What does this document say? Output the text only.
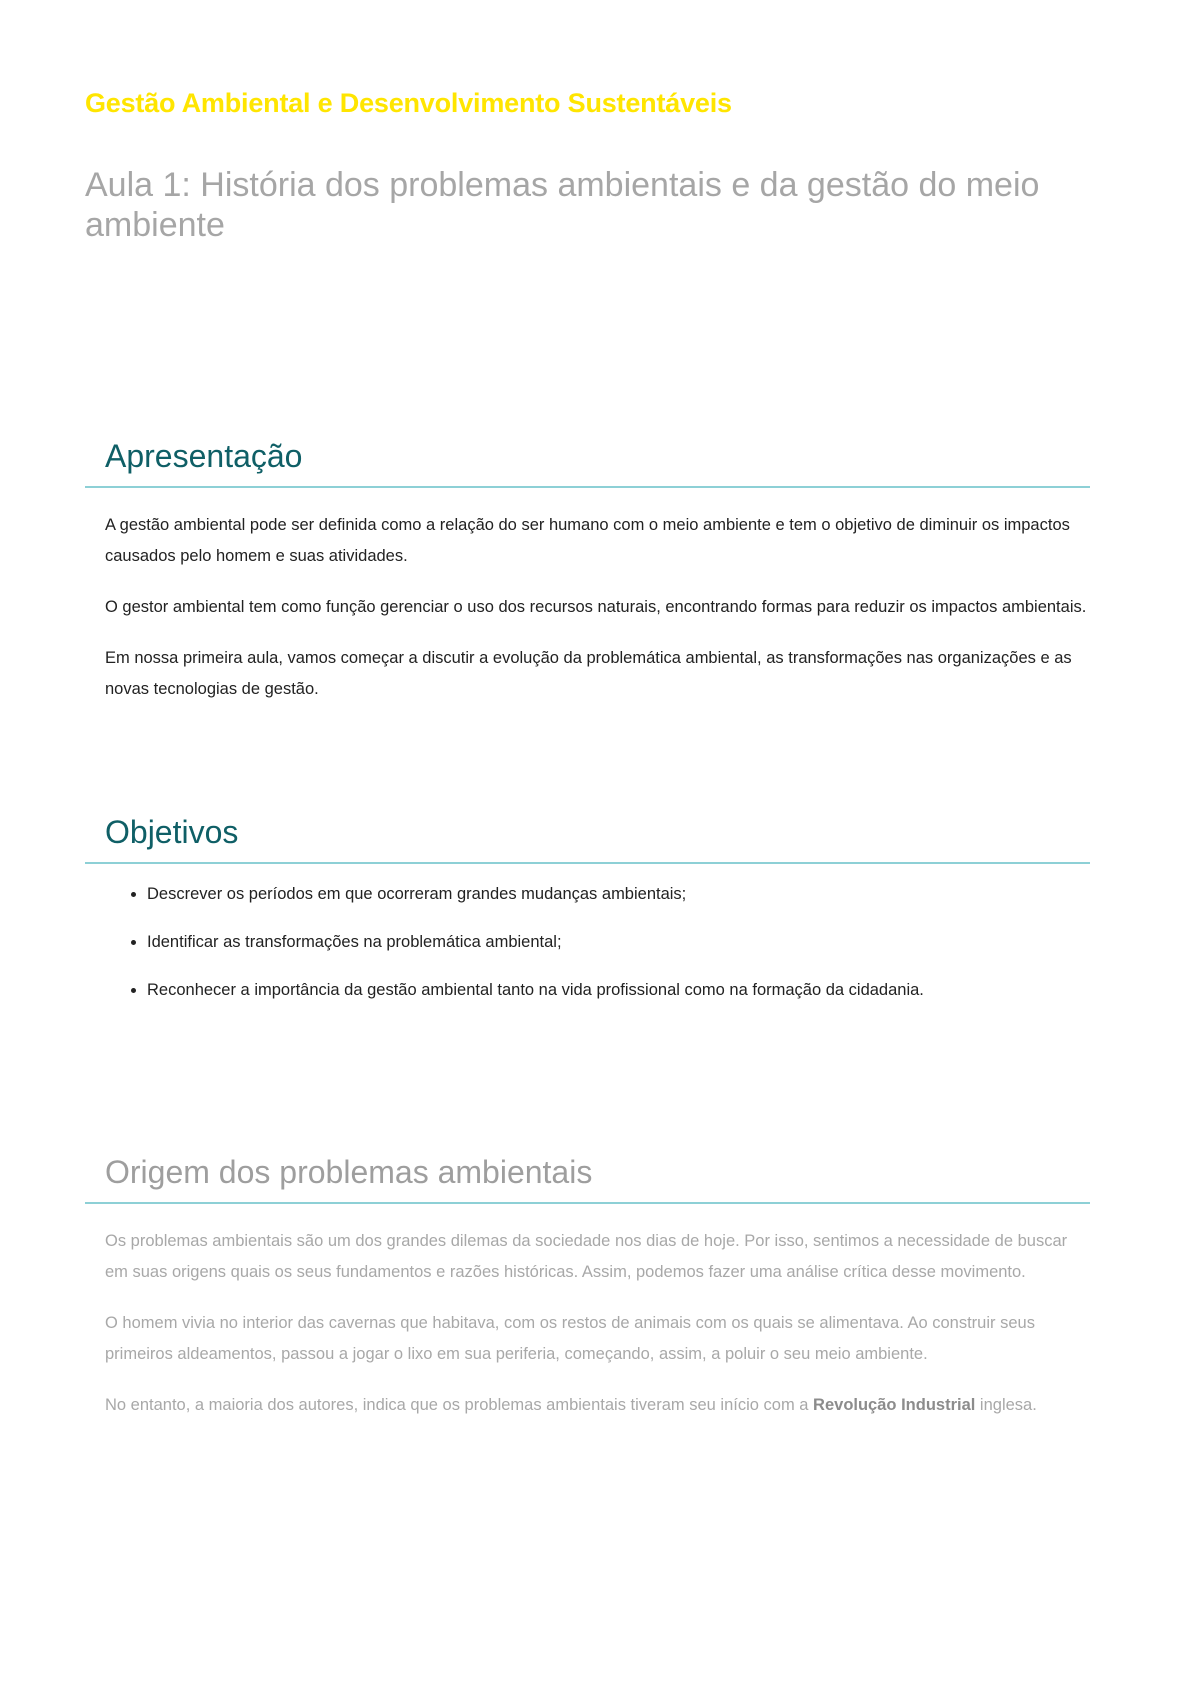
Gestão Ambiental e Desenvolvimento Sustentáveis
Aula 1: História dos problemas ambientais e da gestão do meio ambiente
Apresentação

A gestão ambiental pode ser definida como a relação do ser humano com o meio ambiente e tem o objetivo de diminuir os impactos causados pelo homem e suas atividades.

O gestor ambiental tem como função gerenciar o uso dos recursos naturais, encontrando formas para reduzir os impactos ambientais.

Em nossa primeira aula, vamos começar a discutir a evolução da problemática ambiental, as transformações nas organizações e as novas tecnologias de gestão.

Objetivos
• Descrever os períodos em que ocorreram grandes mudanças ambientais;
• Identificar as transformações na problemática ambiental;
• Reconhecer a importância da gestão ambiental tanto na vida profissional como na formação da cidadania.
Origem dos problemas ambientais

Os problemas ambientais são um dos grandes dilemas da sociedade nos dias de hoje. Por isso, sentimos a necessidade de buscar em suas origens quais os seus fundamentos e razões históricas. Assim, podemos fazer uma análise crítica desse movimento.

O homem vivia no interior das cavernas que habitava, com os restos de animais com os quais se alimentava. Ao construir seus primeiros aldeamentos, passou a jogar o lixo em sua periferia, começando, assim, a poluir o seu meio ambiente.

No entanto, a maioria dos autores, indica que os problemas ambientais tiveram seu início com a Revolução Industrial inglesa.
